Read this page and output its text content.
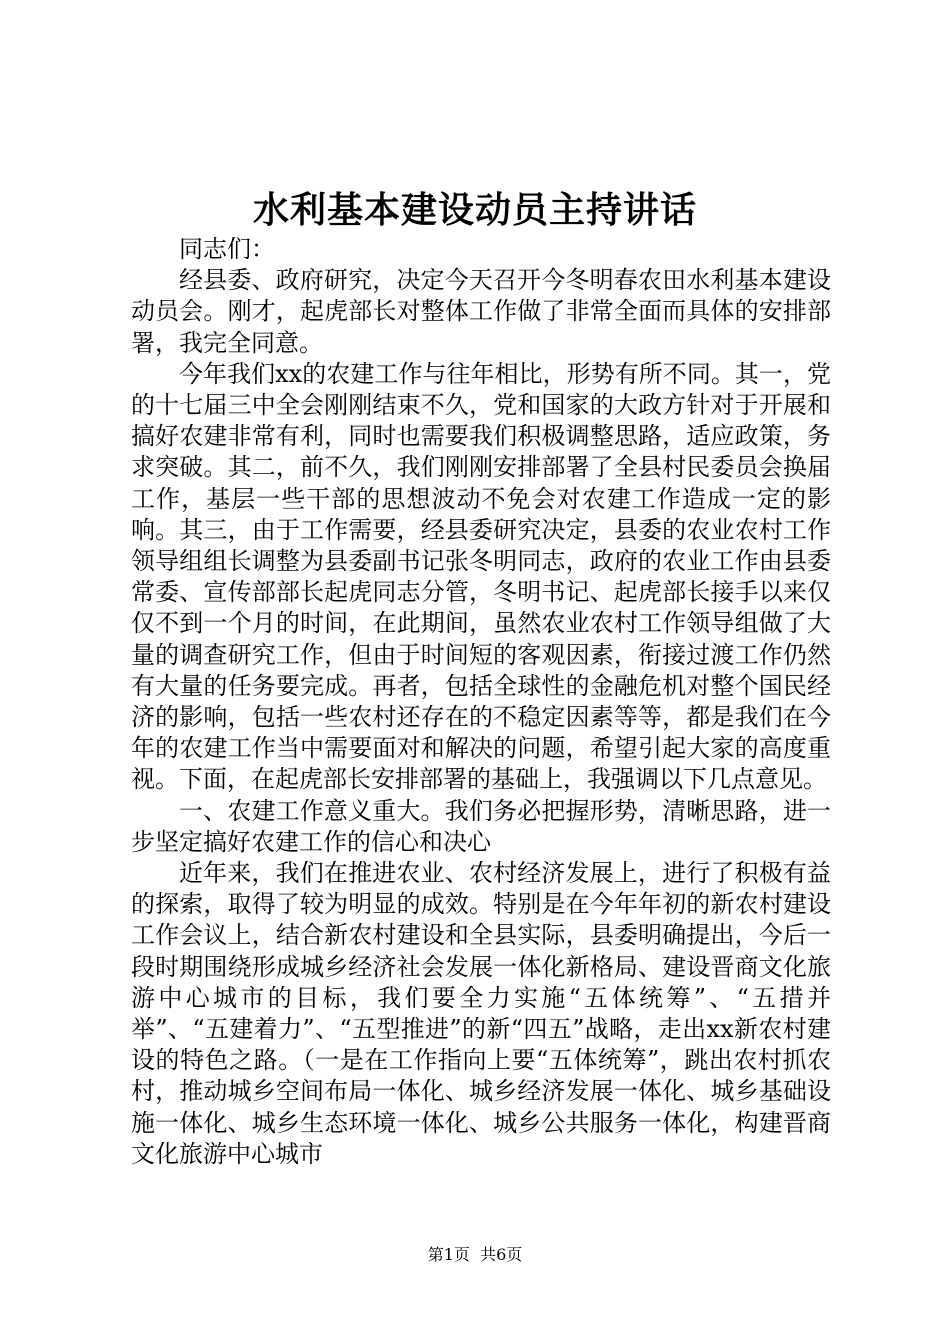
水利基本建设动员主持讲话

同志们：

经县委、政府研究，决定今天召开今冬明春农田水利基本建设动员会。刚才，起虎部长对整体工作做了非常全面而具体的安排部署，我完全同意。

今年我们xx的农建工作与往年相比，形势有所不同。其一，党的十七届三中全会刚刚结束不久，党和国家的大政方针对于开展和搞好农建非常有利，同时也需要我们积极调整思路，适应政策，务求突破。其二，前不久，我们刚刚安排部署了全县村民委员会换届工作，基层一些干部的思想波动不免会对农建工作造成一定的影响。其三，由于工作需要，经县委研究决定，县委的农业农村工作领导组组长调整为县委副书记张冬明同志，政府的农业工作由县委常委、宣传部部长起虎同志分管，冬明书记、起虎部长接手以来仅仅不到一个月的时间，在此期间，虽然农业农村工作领导组做了大量的调查研究工作，但由于时间短的客观因素，衔接过渡工作仍然有大量的任务要完成。再者，包括全球性的金融危机对整个国民经济的影响，包括一些农村还存在的不稳定因素等等，都是我们在今年的农建工作当中需要面对和解决的问题，希望引起大家的高度重视。下面，在起虎部长安排部署的基础上，我强调以下几点意见。

一、农建工作意义重大。我们务必把握形势，清晰思路，进一步坚定搞好农建工作的信心和决心

近年来，我们在推进农业、农村经济发展上，进行了积极有益的探索，取得了较为明显的成效。特别是在今年年初的新农村建设工作会议上，结合新农村建设和全县实际，县委明确提出，今后一段时期围绕形成城乡经济社会发展一体化新格局、建设晋商文化旅游中心城市的目标，我们要全力实施“五体统筹”、“五措并举”、“五建着力”、“五型推进”的新“四五”战略，走出xx新农村建设的特色之路。（一是在工作指向上要“五体统筹”，跳出农村抓农村，推动城乡空间布局一体化、城乡经济发展一体化、城乡基础设施一体化、城乡生态环境一体化、城乡公共服务一体化，构建晋商文化旅游中心城市

第1页 共6页
